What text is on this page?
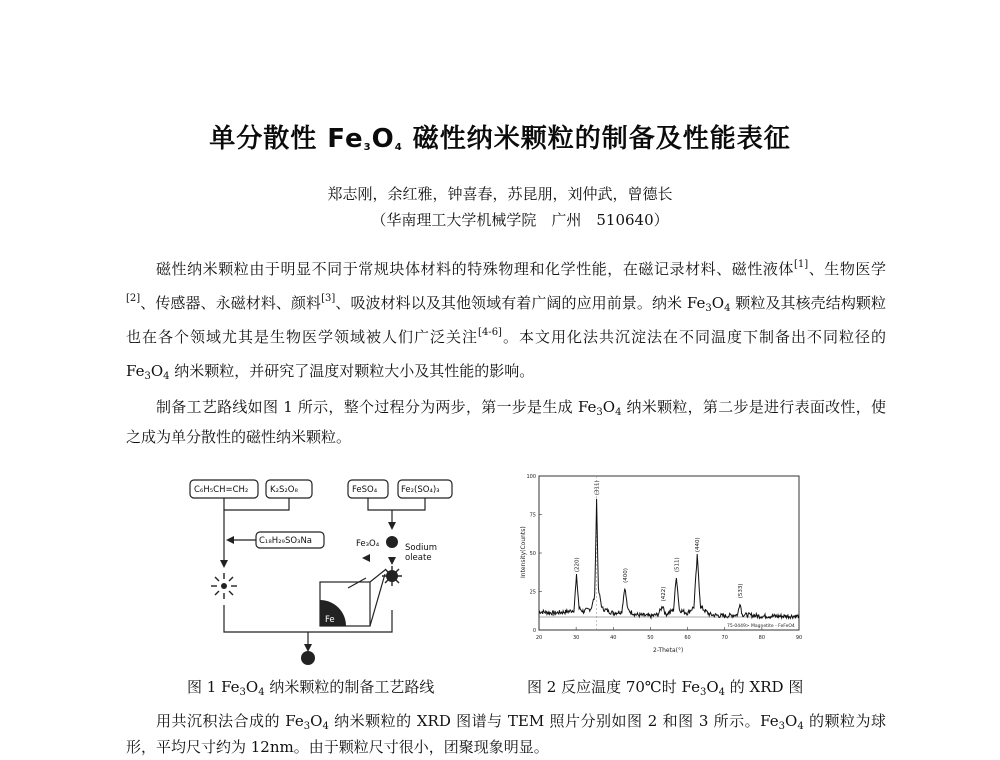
单分散性 $Fe_3O_4$ 磁性纳米颗粒的制备及性能表征
郑志刚，余红雅，钟喜春，苏昆朋，刘仲武，曾德长
（华南理工大学机械学院　广州　510640）

磁性纳米颗粒由于明显不同于常规块体材料的特殊物理和化学性能，在磁记录材料、磁性液体[1]、生物医学[2]、传感器、永磁材料、颜料[3]、吸波材料以及其他领域有着广阔的应用前景。纳米 $Fe_3O_4$ 颗粒及其核壳结构颗粒也在各个领域尤其是生物医学领域被人们广泛关注[4-6]。本文用化法共沉淀法在不同温度下制备出不同粒径的 $Fe_3O_4$ 纳米颗粒，并研究了温度对颗粒大小及其性能的影响。

制备工艺路线如图 1 所示，整个过程分为两步，第一步是生成 $Fe_3O_4$ 纳米颗粒，第二步是进行表面改性，使之成为单分散性的磁性纳米颗粒。

C₆H₅CH=CH₂	K₂S₂O₈	FeSO₄	Fe₂(SO₄)₃
C₁₈H₂₉SO₃Na	Fe₃O₄	Sodium
oleate
Fe
图 1 $Fe_3O_4$ 纳米颗粒的制备工艺路线
0
25
50
75
100
20	30	40	50	60	70	80	90
(220)
(311)
(400)
(422)
(511)
(440)
(533)
75-0449> Magnetite - FeFeO4
2-Theta(°)
Intensity(Counts)
图 2 反应温度 70℃时 $Fe_3O_4$ 的 XRD 图

用共沉积法合成的 $Fe_3O_4$ 纳米颗粒的 XRD 图谱与 TEM 照片分别如图 2 和图 3 所示。$Fe_3O_4$ 的颗粒为球形，平均尺寸约为 12nm。由于颗粒尺寸很小，团聚现象明显。
